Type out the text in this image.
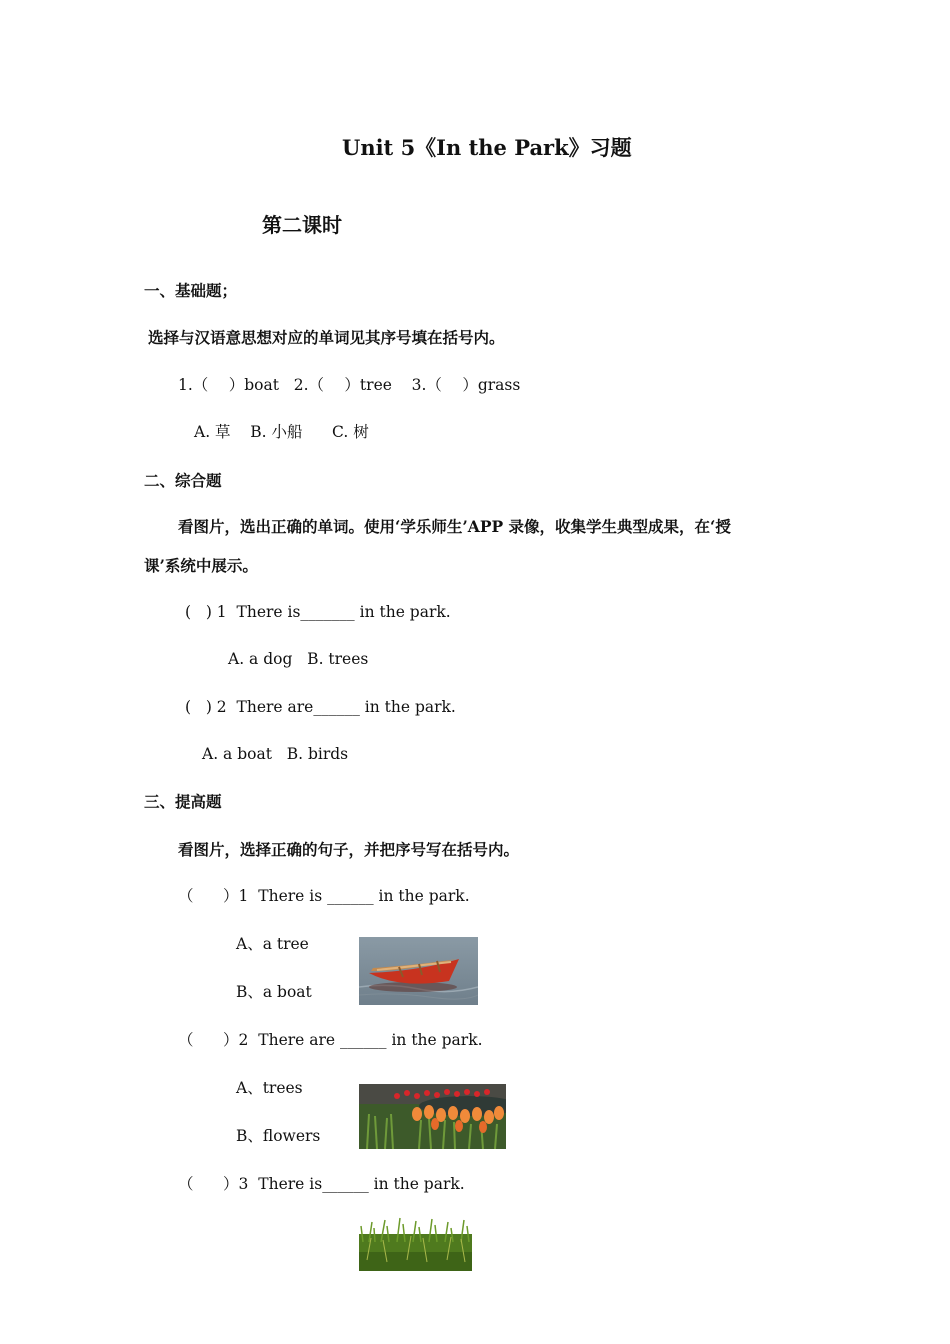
Unit 5《In the Park》习题
第二课时
一、基础题；
选择与汉语意思想对应的单词见其序号填在括号内。
1.（　 ）boat   2.（　 ）tree    3.（　 ）grass
A. 草    B. 小船      C. 树
二、综合题
看图片，选出正确的单词。使用‘学乐师生’APP 录像，收集学生典型成果，在‘授
课’系统中展示。
(   ) 1  There is_______ in the park.
A. a dog   B. trees
(   ) 2  There are______ in the park.
A. a boat   B. birds
三、提高题
看图片，选择正确的句子，并把序号写在括号内。
（      ）1  There is ______ in the park.
A、a tree
B、a boat
（      ）2  There are ______ in the park.
A、trees
B、flowers
（      ）3  There is______ in the park.
